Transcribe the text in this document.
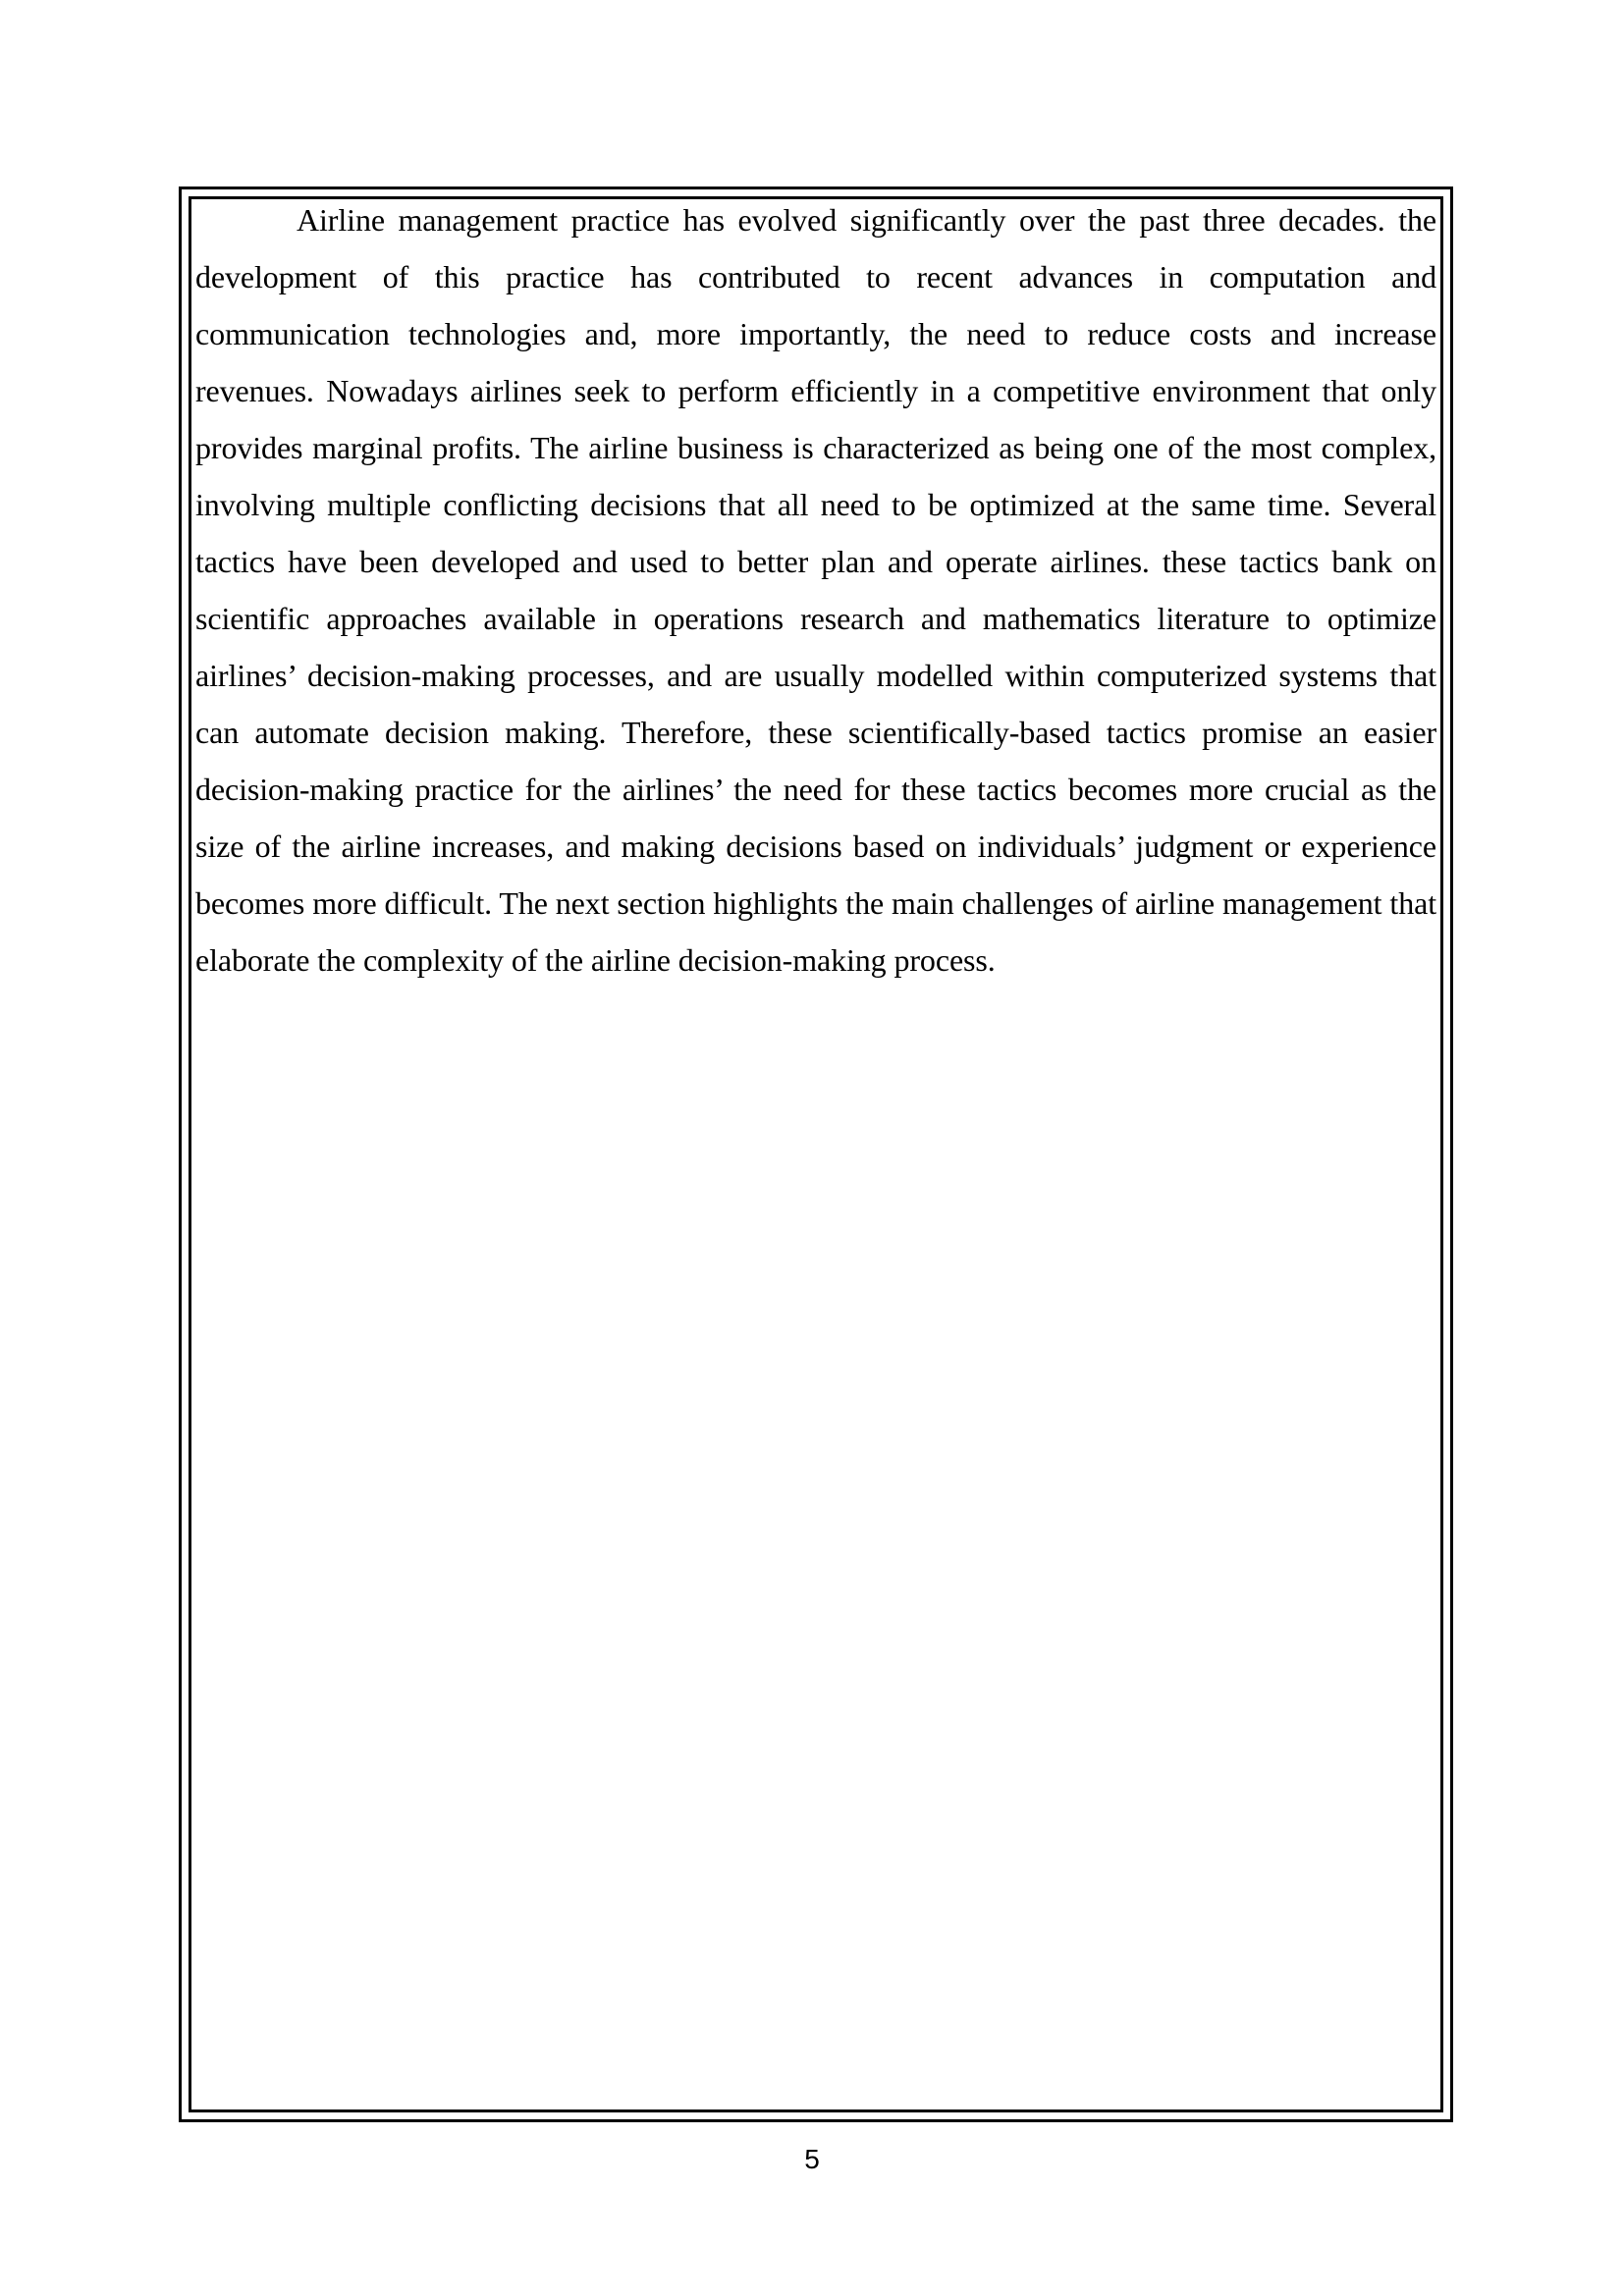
Airline management practice has evolved significantly over the past three decades. the development of this practice has contributed to recent advances in computation and communication technologies and, more importantly, the need to reduce costs and increase revenues. Nowadays airlines seek to perform efficiently in a competitive environment that only provides marginal profits. The airline business is characterized as being one of the most complex, involving multiple conflicting decisions that all need to be optimized at the same time. Several tactics have been developed and used to better plan and operate airlines. these tactics bank on scientific approaches available in operations research and mathematics literature to optimize airlines’ decision-making processes, and are usually modelled within computerized systems that can automate decision making. Therefore, these scientifically-based tactics promise an easier decision-making practice for the airlines’ the need for these tactics becomes more crucial as the size of the airline increases, and making decisions based on individuals’ judgment or experience becomes more difficult. The next section highlights the main challenges of airline management that elaborate the complexity of the airline decision-making process.

5
